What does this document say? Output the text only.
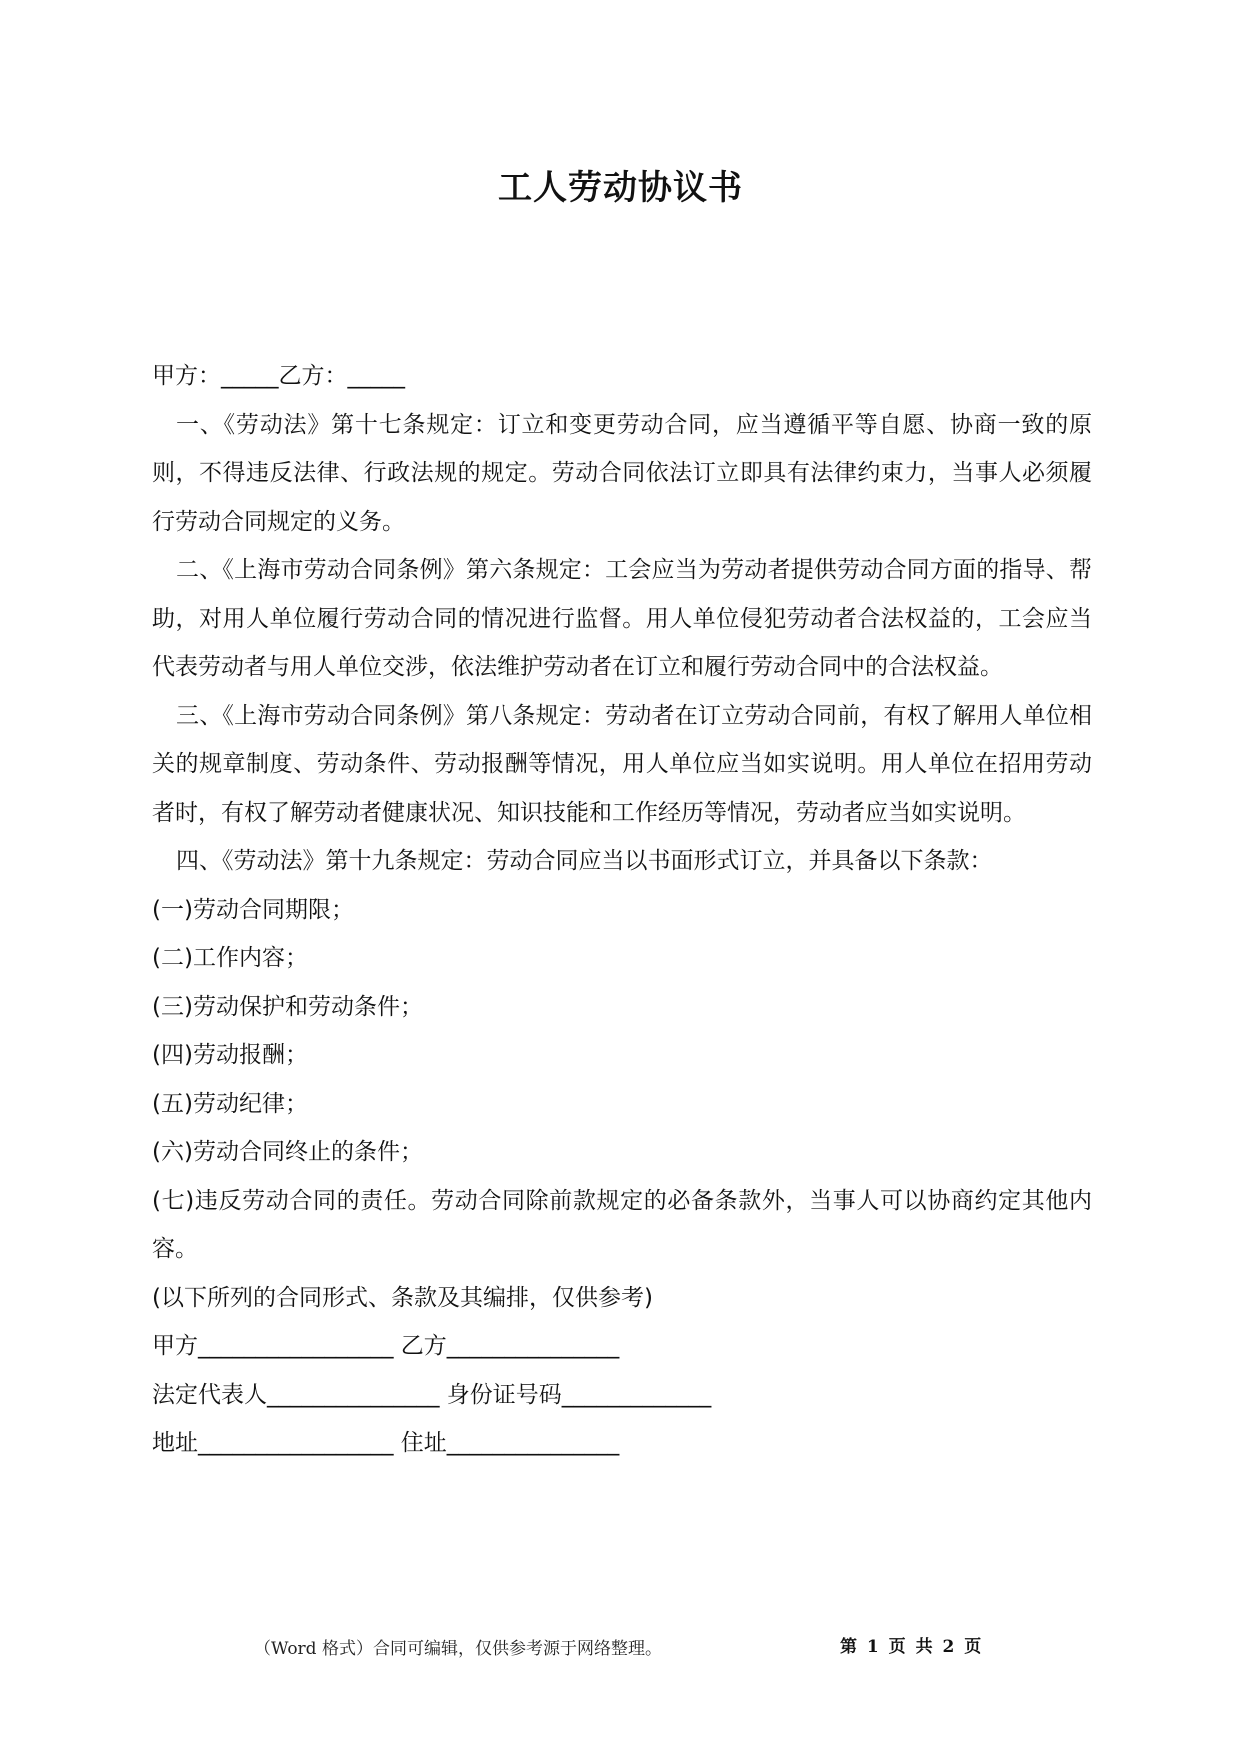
工人劳动协议书

甲方：_____乙方：_____

一、《劳动法》第十七条规定：订立和变更劳动合同，应当遵循平等自愿、协商一致的原则，不得违反法律、行政法规的规定。劳动合同依法订立即具有法律约束力，当事人必须履行劳动合同规定的义务。

二、《上海市劳动合同条例》第六条规定：工会应当为劳动者提供劳动合同方面的指导、帮助，对用人单位履行劳动合同的情况进行监督。用人单位侵犯劳动者合法权益的，工会应当代表劳动者与用人单位交涉，依法维护劳动者在订立和履行劳动合同中的合法权益。

三、《上海市劳动合同条例》第八条规定：劳动者在订立劳动合同前，有权了解用人单位相关的规章制度、劳动条件、劳动报酬等情况，用人单位应当如实说明。用人单位在招用劳动者时，有权了解劳动者健康状况、知识技能和工作经历等情况，劳动者应当如实说明。

四、《劳动法》第十九条规定：劳动合同应当以书面形式订立，并具备以下条款：

(一)劳动合同期限；

(二)工作内容；

(三)劳动保护和劳动条件；

(四)劳动报酬；

(五)劳动纪律；

(六)劳动合同终止的条件；

(七)违反劳动合同的责任。劳动合同除前款规定的必备条款外，当事人可以协商约定其他内容。

(以下所列的合同形式、条款及其编排，仅供参考)

甲方_________________ 乙方_______________

法定代表人_______________ 身份证号码_____________

地址_________________ 住址_______________

（Word 格式）合同可编辑，仅供参考源于网络整理。	第 1 页 共 2 页
